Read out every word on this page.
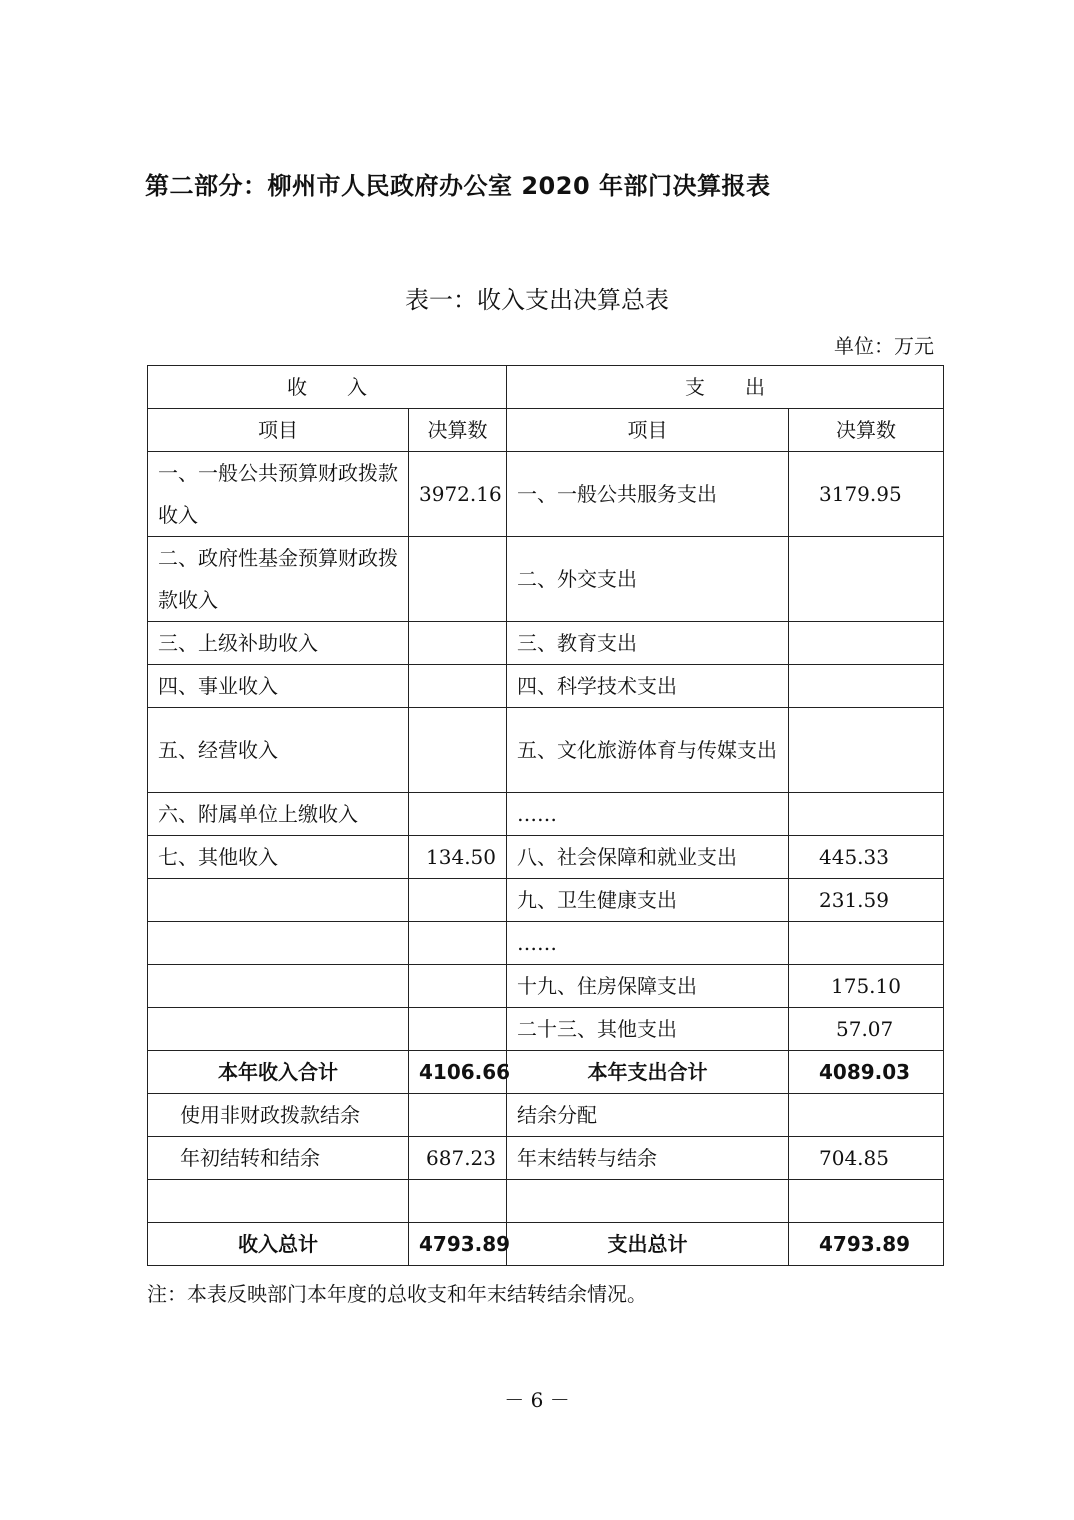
第二部分：柳州市人民政府办公室 2020 年部门决算报表
表一：收入支出决算总表
单位：万元
收　　入		支　　出	
项目	决算数	项目	决算数
一、一般公共预算财政拨款收入	3972.16	一、一般公共服务支出	3179.95
二、政府性基金预算财政拨款收入		二、外交支出	
三、上级补助收入		三、教育支出	
四、事业收入		四、科学技术支出	
五、经营收入		五、文化旅游体育与传媒支出	
六、附属单位上缴收入		……	
七、其他收入	134.50	八、社会保障和就业支出	445.33
		九、卫生健康支出	231.59
		……	
		十九、住房保障支出	175.10
		二十三、其他支出	57.07
本年收入合计	4106.66	本年支出合计	4089.03
使用非财政拨款结余		结余分配	
年初结转和结余	687.23	年末结转与结余	704.85

收入总计	4793.89	支出总计	4793.89
注：本表反映部门本年度的总收支和年末结转结余情况。
－ 6 －
